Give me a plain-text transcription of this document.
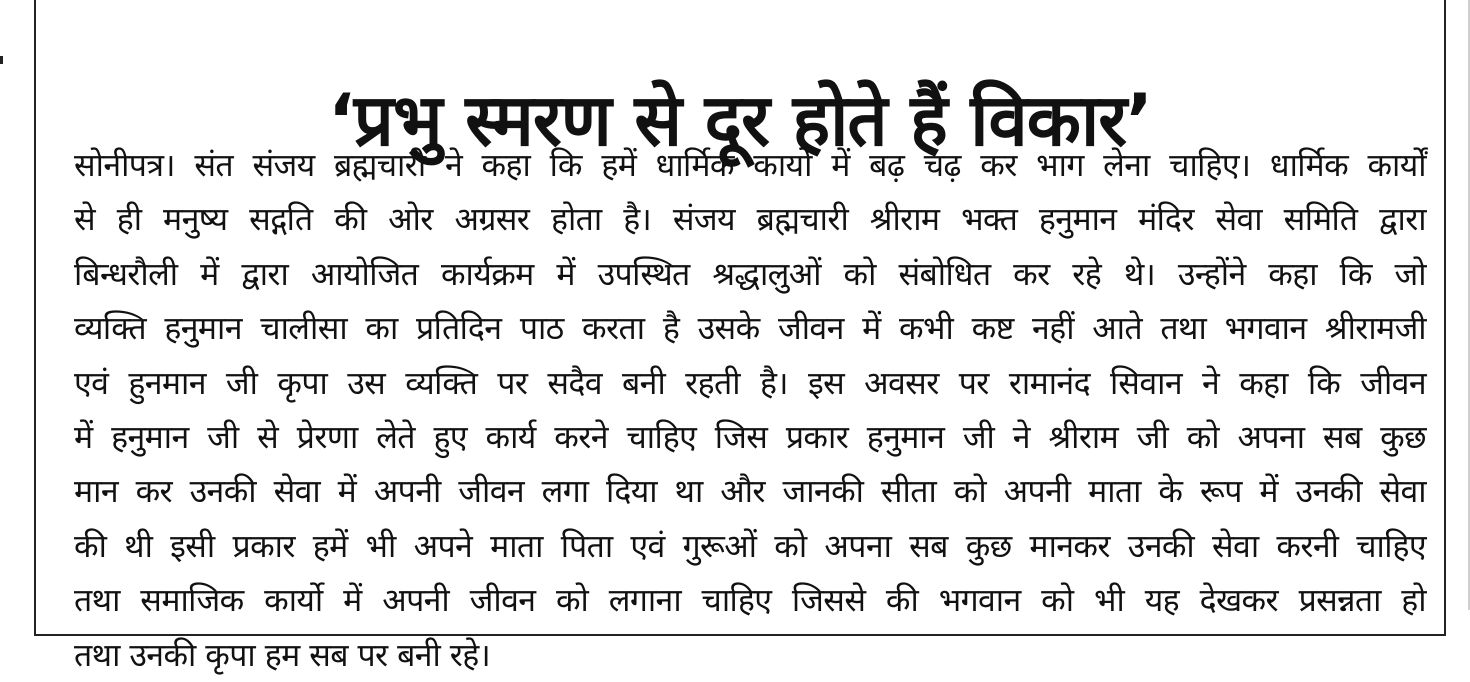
‘प्रभु स्मरण से दूर होते हैं विकार’
सोनीपत्र। संत संजय ब्रह्मचारी ने कहा कि हमें धार्मिक कार्यो में बढ़ चढ़ कर भाग लेना चाहिए। धार्मिक कार्यों
से ही मनुष्य सद्गति की ओर अग्रसर होता है। संजय ब्रह्मचारी श्रीराम भक्त हनुमान मंदिर सेवा समिति द्वारा
बिन्धरौली में द्वारा आयोजित कार्यक्रम में उपस्थित श्रद्धालुओं को संबोधित कर रहे थे। उन्होंने कहा कि जो
व्यक्ति हनुमान चालीसा का प्रतिदिन पाठ करता है उसके जीवन में कभी कष्ट नहीं आते तथा भगवान श्रीरामजी
एवं हुनमान जी कृपा उस व्यक्ति पर सदैव बनी रहती है। इस अवसर पर रामानंद सिवान ने कहा कि जीवन
में हनुमान जी से प्रेरणा लेते हुए कार्य करने चाहिए जिस प्रकार हनुमान जी ने श्रीराम जी को अपना सब कुछ
मान कर उनकी सेवा में अपनी जीवन लगा दिया था और जानकी सीता को अपनी माता के रूप में उनकी सेवा
की थी इसी प्रकार हमें भी अपने माता पिता एवं गुरूओं को अपना सब कुछ मानकर उनकी सेवा करनी चाहिए
तथा समाजिक कार्यो में अपनी जीवन को लगाना चाहिए जिससे की भगवान को भी यह देखकर प्रसन्नता हो
तथा उनकी कृपा हम सब पर बनी रहे।
